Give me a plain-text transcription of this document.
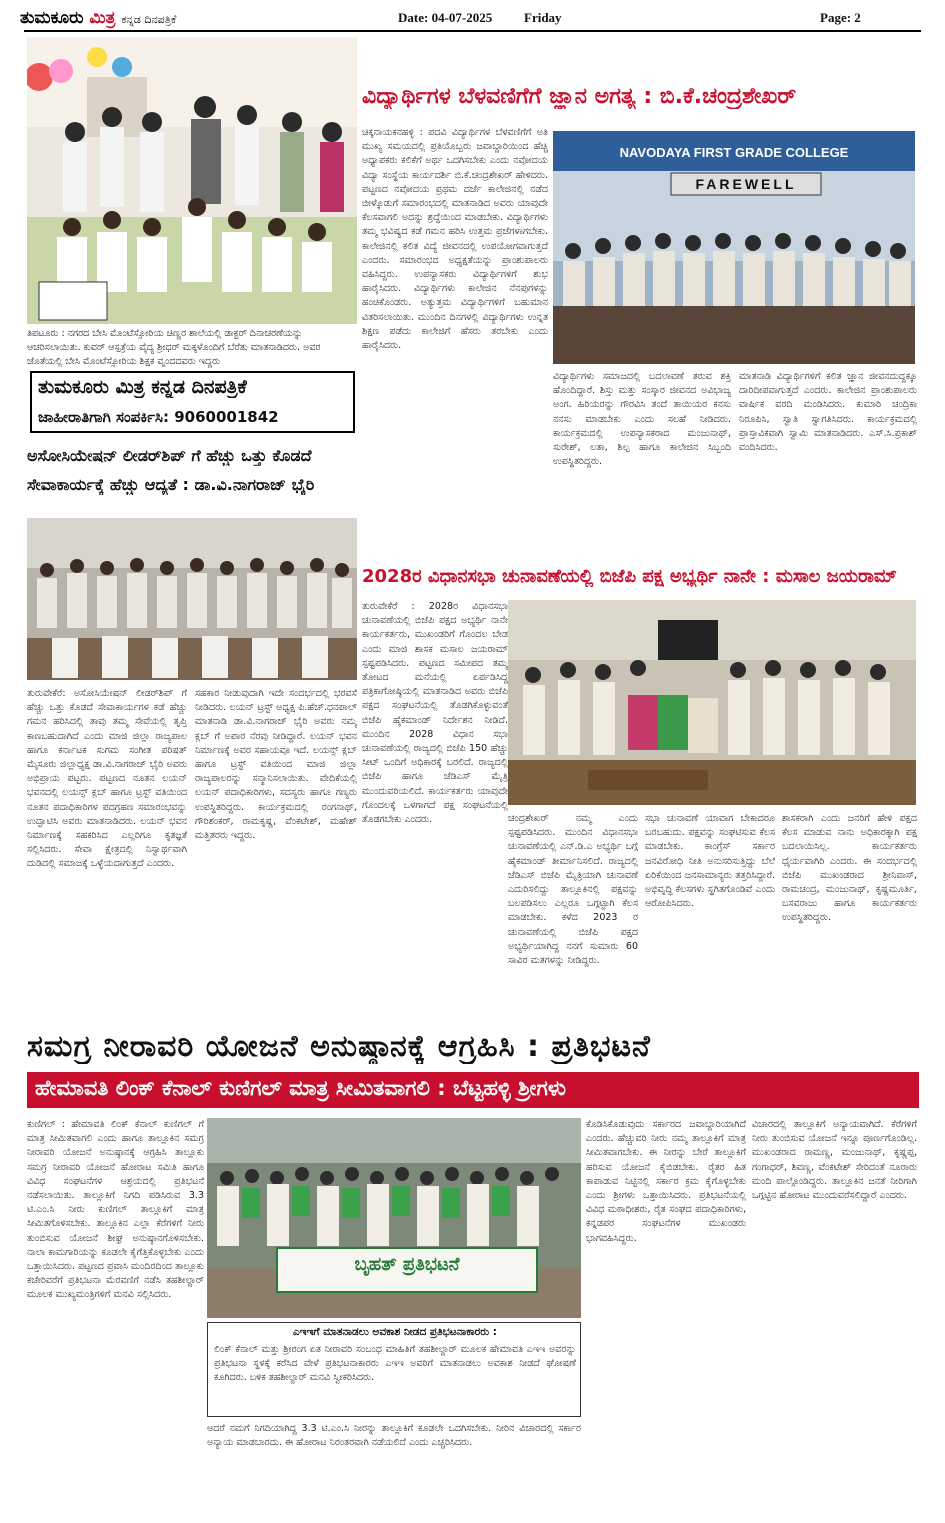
ತುಮಕೂರು ಮಿತ್ರ ಕನ್ನಡ ದಿನಪತ್ರಿಕೆ	Date: 04-07-2025 Friday	Page: 2
ತಿಪಟೂರು : ನಗರದ ಬೇಸಿ ಮೊಂಟೆಸ್ಸೋರಿಯ ಚಿಣ್ಣರ ಶಾಲೆಯಲ್ಲಿ ಡಾಕ್ಟರ್ ದಿನಾಚರಣೆಯನ್ನು ಆಚರಿಸಲಾಯಿತು. ಕುವರ್ ಆಸ್ಪತ್ರೆಯ ವೈದ್ಯ ಶ್ರೀಧರ್ ಮಕ್ಕಳೊಂದಿಗೆ ಬೆರೆತು ಮಾತನಾಡಿದರು. ಅವರ ಜೊತೆಯಲ್ಲಿ ಬೇಸಿ ಮೊಂಟೆಸ್ಸೋರಿಯ ಶಿಕ್ಷಕ ವೃಂದದವರು ಇದ್ದರು
ತುಮಕೂರು ಮಿತ್ರ ಕನ್ನಡ ದಿನಪತ್ರಿಕೆ
ಜಾಹೀರಾತಿಗಾಗಿ ಸಂಪರ್ಕಿಸಿ: 9060001842
ಅಸೋಸಿಯೇಷನ್ ಲೀಡರ್‌ಶಿಪ್ ಗೆ ಹೆಚ್ಚು ಒತ್ತು ಕೊಡದೆ
ಸೇವಾಕಾರ್ಯಕ್ಕೆ ಹೆಚ್ಚು ಆದ್ಯತೆ : ಡಾ.ವಿ.ನಾಗರಾಜ್ ಭೈರಿ
ತುರುವೇಕೆರೆ: ಅಸೋಸಿಯೇಷನ್ ಲೀಡರ್‌ಶಿಪ್ ಗೆ ಹೆಚ್ಚು ಒತ್ತು ಕೊಡದೆ ಸೇವಾಕಾರ್ಯಗಳ ಕಡೆ ಹೆಚ್ಚು ಗಮನ ಹರಿಸಿದಲ್ಲಿ ತಾವು ತಮ್ಮ ಸೇವೆಯಲ್ಲಿ ತೃಪ್ತಿ ಕಾಣಬಹುದಾಗಿದೆ ಎಂದು ಮಾಜಿ ಜಿಲ್ಲಾ ರಾಜ್ಯಪಾಲ ಹಾಗೂ ಕರ್ನಾಟಕ ಸುಗಮ ಸಂಗೀತ ಪರಿಷತ್ ಮೈಸೂರು ಜಿಲ್ಲಾಧ್ಯಕ್ಷ ಡಾ.ವಿ.ನಾಗರಾಜ್ ಭೈರಿ ಅವರು ಅಭಿಪ್ರಾಯ ಪಟ್ಟರು. ಪಟ್ಟಣದ ನೂತನ ಲಯನ್ ಭವನದಲ್ಲಿ ಲಯನ್ಸ್ ಕ್ಲಬ್ ಹಾಗೂ ಟ್ರಸ್ಟ್ ವತಿಯಿಂದ ನೂತನ ಪದಾಧಿಕಾರಿಗಳ ಪದಗ್ರಹಣ ಸಮಾರಂಭವನ್ನು ಉದ್ಘಾಟಿಸಿ ಅವರು ಮಾತನಾಡಿದರು. ಲಯನ್ ಭವನ ನಿರ್ಮಾಣಕ್ಕೆ ಸಹಕರಿಸಿದ ಎಲ್ಲರಿಗೂ ಕೃತಜ್ಞತೆ ಸಲ್ಲಿಸಿದರು. ಸೇವಾ ಕ್ಷೇತ್ರದಲ್ಲಿ ನಿಸ್ವಾರ್ಥವಾಗಿ ದುಡಿದಲ್ಲಿ ಸಮಾಜಕ್ಕೆ ಒಳ್ಳೆಯದಾಗುತ್ತದೆ ಎಂದರು.
ಸಹಕಾರ ನೀಡುವುದಾಗಿ ಇದೇ ಸಂದರ್ಭದಲ್ಲಿ ಭರವಸೆ ನೀಡಿದರು. ಲಯನ್ ಟ್ರಸ್ಟ್ ಅಧ್ಯಕ್ಷ ಪಿ.ಹೆಚ್.ಧನಪಾಲ್ ಮಾತನಾಡಿ ಡಾ.ವಿ.ನಾಗರಾಜ್ ಭೈರಿ ಅವರು ನಮ್ಮ ಕ್ಲಬ್ ಗೆ ಅಪಾರ ನೆರವು ನೀಡಿದ್ದಾರೆ. ಲಯನ್ ಭವನ ನಿರ್ಮಾಣಕ್ಕೆ ಅವರ ಸಹಾಯವೂ ಇದೆ. ಲಯನ್ಸ್ ಕ್ಲಬ್ ಹಾಗೂ ಟ್ರಸ್ಟ್ ವತಿಯಿಂದ ಮಾಜಿ ಜಿಲ್ಲಾ ರಾಜ್ಯಪಾಲರನ್ನು ಸನ್ಮಾನಿಸಲಾಯಿತು. ವೇದಿಕೆಯಲ್ಲಿ ಲಯನ್ ಪದಾಧಿಕಾರಿಗಳು, ಸದಸ್ಯರು ಹಾಗೂ ಗಣ್ಯರು ಉಪಸ್ಥಿತರಿದ್ದರು. ಕಾರ್ಯಕ್ರಮದಲ್ಲಿ ರಂಗನಾಥ್, ಗೌರಿಶಂಕರ್, ರಾಮಕೃಷ್ಣ, ವೆಂಕಟೇಶ್, ಮಹೇಶ್ ಮತ್ತಿತರರು ಇದ್ದರು.
ವಿದ್ಯಾರ್ಥಿಗಳ ಬೆಳವಣಿಗೆಗೆ ಜ್ಞಾನ ಅಗತ್ಯ : ಬಿ.ಕೆ.ಚಂದ್ರಶೇಖರ್
ಚಿಕ್ಕನಾಯಕನಹಳ್ಳಿ : ಪದವಿ ವಿದ್ಯಾರ್ಥಿಗಳ ಬೆಳವಣಿಗೆಗೆ ಅತಿ ಮುಖ್ಯ ಸಮಯದಲ್ಲಿ ಪ್ರತಿಯೊಬ್ಬರು ಜವಾಬ್ದಾರಿಯಿಂದ ಹೆಚ್ಚಿ ಅಧ್ಯಾಪಕರು ಕಲಿಕೆಗೆ ಅರ್ಥ ಒದಗಿಸಬೇಕು ಎಂದು ನವೋದಯ ವಿದ್ಯಾ ಸಂಸ್ಥೆಯ ಕಾರ್ಯದರ್ಶಿ ಬಿ.ಕೆ.ಚಂದ್ರಶೇಖರ್ ಹೇಳಿದರು. ಪಟ್ಟಣದ ನವೋದಯ ಪ್ರಥಮ ದರ್ಜೆ ಕಾಲೇಜಿನಲ್ಲಿ ನಡೆದ ಬೀಳ್ಕೊಡುಗೆ ಸಮಾರಂಭದಲ್ಲಿ ಮಾತನಾಡಿದ ಅವರು ಯಾವುದೇ ಕೆಲಸವಾಗಲಿ ಅದನ್ನು ಶ್ರದ್ಧೆಯಿಂದ ಮಾಡಬೇಕು. ವಿದ್ಯಾರ್ಥಿಗಳು ತಮ್ಮ ಭವಿಷ್ಯದ ಕಡೆ ಗಮನ ಹರಿಸಿ ಉತ್ತಮ ಪ್ರಜೆಗಳಾಗಬೇಕು. ಕಾಲೇಜಿನಲ್ಲಿ ಕಲಿತ ವಿದ್ಯೆ ಜೀವನದಲ್ಲಿ ಉಪಯೋಗವಾಗುತ್ತದೆ ಎಂದರು. ಸಮಾರಂಭದ ಅಧ್ಯಕ್ಷತೆಯನ್ನು ಪ್ರಾಂಶುಪಾಲರು ವಹಿಸಿದ್ದರು. ಉಪನ್ಯಾಸಕರು ವಿದ್ಯಾರ್ಥಿಗಳಿಗೆ ಶುಭ ಹಾರೈಸಿದರು. ವಿದ್ಯಾರ್ಥಿಗಳು ಕಾಲೇಜಿನ ನೆನಪುಗಳನ್ನು ಹಂಚಿಕೊಂಡರು. ಅತ್ಯುತ್ತಮ ವಿದ್ಯಾರ್ಥಿಗಳಿಗೆ ಬಹುಮಾನ ವಿತರಿಸಲಾಯಿತು. ಮುಂದಿನ ದಿನಗಳಲ್ಲಿ ವಿದ್ಯಾರ್ಥಿಗಳು ಉನ್ನತ ಶಿಕ್ಷಣ ಪಡೆದು ಕಾಲೇಜಿಗೆ ಹೆಸರು ತರಬೇಕು ಎಂದು ಹಾರೈಸಿದರು.
NAVODAYA FIRST GRADE COLLEGE
FAREWELL
ವಿದ್ಯಾರ್ಥಿಗಳು ಸಮಾಜದಲ್ಲಿ ಬದಲಾವಣೆ ತರುವ ಶಕ್ತಿ ಹೊಂದಿದ್ದಾರೆ. ಶಿಸ್ತು ಮತ್ತು ಸಂಸ್ಕಾರ ಜೀವನದ ಅವಿಭಾಜ್ಯ ಅಂಗ. ಹಿರಿಯರನ್ನು ಗೌರವಿಸಿ ತಂದೆ ತಾಯಿಯರ ಕನಸು ನನಸು ಮಾಡಬೇಕು ಎಂದು ಸಲಹೆ ನೀಡಿದರು. ಕಾರ್ಯಕ್ರಮದಲ್ಲಿ ಉಪನ್ಯಾಸಕರಾದ ಮಂಜುನಾಥ್, ಸುರೇಶ್, ಲತಾ, ಶಿಲ್ಪ ಹಾಗೂ ಕಾಲೇಜಿನ ಸಿಬ್ಬಂದಿ ಉಪಸ್ಥಿತರಿದ್ದರು.
ಮಾತನಾಡಿ ವಿದ್ಯಾರ್ಥಿಗಳಿಗೆ ಕಲಿತ ಜ್ಞಾನ ಜೀವನದುದ್ದಕ್ಕೂ ದಾರಿದೀಪವಾಗುತ್ತದೆ ಎಂದರು. ಕಾಲೇಜಿನ ಪ್ರಾಂಶುಪಾಲರು ವಾರ್ಷಿಕ ವರದಿ ಮಂಡಿಸಿದರು. ಕುಮಾರಿ ಚಂದ್ರಿಕಾ ನಿರೂಪಿಸಿ, ಸ್ವಾತಿ ಸ್ವಾಗತಿಸಿದರು. ಕಾರ್ಯಕ್ರಮದಲ್ಲಿ ಪ್ರಾಸ್ತಾವಿಕವಾಗಿ ಸ್ವಾಮಿ ಮಾತನಾಡಿದರು. ಎಸ್.ಸಿ.ಪ್ರಕಾಶ್ ವಂದಿಸಿದರು.
2028ರ ವಿಧಾನಸಭಾ ಚುನಾವಣೆಯಲ್ಲಿ ಬಿಜೆಪಿ ಪಕ್ಷ ಅಭ್ಯರ್ಥಿ ನಾನೇ : ಮಸಾಲ ಜಯರಾಮ್
ತುರುವೇಕೆರೆ : 2028ರ ವಿಧಾನಸಭಾ ಚುನಾವಣೆಯಲ್ಲಿ ಬಿಜೆಪಿ ಪಕ್ಷದ ಅಭ್ಯರ್ಥಿ ನಾನೇ ಕಾರ್ಯಕರ್ತರು, ಮುಖಂಡರಿಗೆ ಗೊಂದಲ ಬೇಡ ಎಂದು ಮಾಜಿ ಶಾಸಕ ಮಸಾಲ ಜಯರಾಮ್ ಸ್ಪಷ್ಟಪಡಿಸಿದರು. ಪಟ್ಟಣದ ಸಮೀಪದ ತಮ್ಮ ತೋಟದ ಮನೆಯಲ್ಲಿ ಏರ್ಪಡಿಸಿದ್ದ ಪತ್ರಿಕಾಗೋಷ್ಠಿಯಲ್ಲಿ ಮಾತನಾಡಿದ ಅವರು ಬಿಜೆಪಿ ಪಕ್ಷದ ಸಂಘಟನೆಯಲ್ಲಿ ತೊಡಗಿಕೊಳ್ಳುವಂತೆ ಬಿಜೆಪಿ ಹೈಕಮಾಂಡ್ ನಿರ್ದೇಶನ ನೀಡಿದೆ. ಮುಂದಿನ 2028 ವಿಧಾನ ಸಭಾ ಚುನಾವಣೆಯಲ್ಲಿ ರಾಜ್ಯದಲ್ಲಿ ಬಿಜೆಪಿ 150 ಹೆಚ್ಚು ಸೀಟ್ ಒಂದಿಗೆ ಅಧಿಕಾರಕ್ಕೆ ಬರಲಿದೆ. ರಾಜ್ಯದಲ್ಲಿ ಬಿಜೆಪಿ ಹಾಗೂ ಜೆಡಿಎಸ್ ಮೈತ್ರಿ ಮುಂದುವರಿಯಲಿದೆ. ಕಾರ್ಯಕರ್ತರು ಯಾವುದೇ ಗೊಂದಲಕ್ಕೆ ಒಳಗಾಗದೆ ಪಕ್ಷ ಸಂಘಟನೆಯಲ್ಲಿ ತೊಡಗಬೇಕು ಎಂದರು.	ಚಂದ್ರಶೇಖರ್ ನಮ್ಮ ಎಂದು ಸ್ಪಷ್ಟಪಡಿಸಿದರು. ಮುಂದಿನ ವಿಧಾನಸಭಾ ಚುನಾವಣೆಯಲ್ಲಿ ಎನ್.ಡಿ.ಎ ಅಭ್ಯರ್ಥಿ ಬಗ್ಗೆ ಹೈಕಮಾಂಡ್ ತೀರ್ಮಾನಿಸಲಿದೆ. ರಾಜ್ಯದಲ್ಲಿ ಜೆಡಿಎಸ್ ಬಿಜೆಪಿ ಮೈತ್ರಿಯಾಗಿ ಚುನಾವಣೆ ಎದುರಿಸಲಿದ್ದು ತಾಲ್ಲೂಕಿನಲ್ಲಿ ಪಕ್ಷವನ್ನು ಬಲಪಡಿಸಲು ಎಲ್ಲರೂ ಒಗ್ಗಟ್ಟಾಗಿ ಕೆಲಸ ಮಾಡಬೇಕು. ಕಳೆದ 2023 ರ ಚುನಾವಣೆಯಲ್ಲಿ ಬಿಜೆಪಿ ಪಕ್ಷದ ಅಭ್ಯರ್ಥಿಯಾಗಿದ್ದ ನನಗೆ ಸುಮಾರು 60 ಸಾವಿರ ಮತಗಳನ್ನು ನೀಡಿದ್ದರು.
ಸಭಾ ಚುನಾವಣೆ ಯಾವಾಗ ಬೇಕಾದರೂ ಬರಬಹುದು. ಪಕ್ಷವನ್ನು ಸಂಘಟಿಸುವ ಕೆಲಸ ಮಾಡಬೇಕು. ಕಾಂಗ್ರೆಸ್ ಸರ್ಕಾರ ಜನವಿರೋಧಿ ನೀತಿ ಅನುಸರಿಸುತ್ತಿದ್ದು ಬೆಲೆ ಏರಿಕೆಯಿಂದ ಜನಸಾಮಾನ್ಯರು ತತ್ತರಿಸಿದ್ದಾರೆ. ಅಭಿವೃದ್ಧಿ ಕೆಲಸಗಳು ಸ್ಥಗಿತಗೊಂಡಿವೆ ಎಂದು ಆರೋಪಿಸಿದರು.
ಶಾಸಕರಾಗಿ ಎಂದು ಜನರಿಗೆ ಹೇಳಿ ಪಕ್ಷದ ಕೆಲಸ ಮಾಡುವ ನಾನು ಅಧಿಕಾರಕ್ಕಾಗಿ ಪಕ್ಷ ಬದಲಾಯಿಸಿಲ್ಲ. ಕಾರ್ಯಕರ್ತರು ಧೈರ್ಯವಾಗಿರಿ ಎಂದರು. ಈ ಸಂದರ್ಭದಲ್ಲಿ ಬಿಜೆಪಿ ಮುಖಂಡರಾದ ಶ್ರೀನಿವಾಸ್, ರಾಮಚಂದ್ರ, ಮಂಜುನಾಥ್, ಕೃಷ್ಣಮೂರ್ತಿ, ಬಸವರಾಜು ಹಾಗೂ ಕಾರ್ಯಕರ್ತರು ಉಪಸ್ಥಿತರಿದ್ದರು.
ಸಮಗ್ರ ನೀರಾವರಿ ಯೋಜನೆ ಅನುಷ್ಠಾನಕ್ಕೆ ಆಗ್ರಹಿಸಿ : ಪ್ರತಿಭಟನೆ
ಹೇಮಾವತಿ ಲಿಂಕ್ ಕೆನಾಲ್ ಕುಣಿಗಲ್ ಮಾತ್ರ ಸೀಮಿತವಾಗಲಿ : ಬೆಟ್ಟಹಳ್ಳಿ ಶ್ರೀಗಳು
ಕುಣಿಗಲ್ : ಹೇಮಾವತಿ ಲಿಂಕ್ ಕೆನಾಲ್ ಕುಣಿಗಲ್ ಗೆ ಮಾತ್ರ ಸೀಮಿತವಾಗಲಿ ಎಂದು ಹಾಗೂ ತಾಲ್ಲೂಕಿನ ಸಮಗ್ರ ನೀರಾವರಿ ಯೋಜನೆ ಅನುಷ್ಠಾನಕ್ಕೆ ಆಗ್ರಹಿಸಿ ತಾಲ್ಲೂಕು ಸಮಗ್ರ ನೀರಾವರಿ ಯೋಜನೆ ಹೋರಾಟ ಸಮಿತಿ ಹಾಗೂ ವಿವಿಧ ಸಂಘಟನೆಗಳ ಆಶ್ರಯದಲ್ಲಿ ಪ್ರತಿಭಟನೆ ನಡೆಸಲಾಯಿತು. ತಾಲ್ಲೂಕಿಗೆ ನಿಗದಿ ಪಡಿಸಿರುವ 3.3 ಟಿ.ಎಂ.ಸಿ ನೀರು ಕುಣಿಗಲ್ ತಾಲ್ಲೂಕಿಗೆ ಮಾತ್ರ ಸೀಮಿತಗೊಳಿಸಬೇಕು. ತಾಲ್ಲೂಕಿನ ಎಲ್ಲಾ ಕೆರೆಗಳಿಗೆ ನೀರು ತುಂಬಿಸುವ ಯೋಜನೆ ಶೀಘ್ರ ಅನುಷ್ಠಾನಗೊಳಿಸಬೇಕು. ನಾಲಾ ಕಾಮಗಾರಿಯನ್ನು ಕೂಡಲೇ ಕೈಗೆತ್ತಿಕೊಳ್ಳಬೇಕು ಎಂದು ಒತ್ತಾಯಿಸಿದರು. ಪಟ್ಟಣದ ಪ್ರವಾಸಿ ಮಂದಿರದಿಂದ ತಾಲ್ಲೂಕು ಕಚೇರಿವರೆಗೆ ಪ್ರತಿಭಟನಾ ಮೆರವಣಿಗೆ ನಡೆಸಿ ತಹಶೀಲ್ದಾರ್ ಮೂಲಕ ಮುಖ್ಯಮಂತ್ರಿಗಳಿಗೆ ಮನವಿ ಸಲ್ಲಿಸಿದರು.
ಬೃಹತ್ ಪ್ರತಿಭಟನೆ
ಎಇಇಗೆ ಮಾತನಾಡಲು ಅವಕಾಶ ನೀಡದ ಪ್ರತಿಭಟನಾಕಾರರು :
ಲಿಂಕ್ ಕೆನಾಲ್ ಮತ್ತು ಶ್ರೀರಂಗ ಏತ ನೀರಾವರಿ ಸಂಬಂಧ ಮಾಹಿತಿಗೆ ತಹಶೀಲ್ದಾರ್ ಮೂಲಕ ಹೇಮಾವತಿ ಎಇಇ ಅವರನ್ನು ಪ್ರತಿಭಟನಾ ಸ್ಥಳಕ್ಕೆ ಕರೆಸಿದ ವೇಳೆ ಪ್ರತಿಭಟನಾಕಾರರು ಎಇಇ ಅವರಿಗೆ ಮಾತನಾಡಲು ಅವಕಾಶ ನೀಡದೆ ಘೋಷಣೆ ಕೂಗಿದರು. ಬಳಿಕ ತಹಶೀಲ್ದಾರ್ ಮನವಿ ಸ್ವೀಕರಿಸಿದರು.
ಆದರೆ ನಮಗೆ ನಿಗದಿಯಾಗಿದ್ದ 3.3 ಟಿ.ಎಂ.ಸಿ ನೀರನ್ನು ತಾಲ್ಲೂಕಿಗೆ ಕೂಡಲೇ ಒದಗಿಸಬೇಕು. ನೀರಿನ ವಿಚಾರದಲ್ಲಿ ಸರ್ಕಾರ ಅನ್ಯಾಯ ಮಾಡಬಾರದು. ಈ ಹೋರಾಟ ನಿರಂತರವಾಗಿ ನಡೆಯಲಿದೆ ಎಂದು ಎಚ್ಚರಿಸಿದರು.
ಕೊಡಿಸಿಕೊಡುವುದು ಸರ್ಕಾರದ ಜವಾಬ್ದಾರಿಯಾಗಿದೆ ಎಂದರು. ಹೆಚ್ಚುವರಿ ನೀರು ನಮ್ಮ ತಾಲ್ಲೂಕಿಗೆ ಮಾತ್ರ ಸೀಮಿತವಾಗಬೇಕು. ಈ ನೀರನ್ನು ಬೇರೆ ತಾಲ್ಲೂಕಿಗೆ ಹರಿಸುವ ಯೋಜನೆ ಕೈಬಿಡಬೇಕು. ರೈತರ ಹಿತ ಕಾಪಾಡುವ ನಿಟ್ಟಿನಲ್ಲಿ ಸರ್ಕಾರ ಕ್ರಮ ಕೈಗೊಳ್ಳಬೇಕು ಎಂದು ಶ್ರೀಗಳು ಒತ್ತಾಯಿಸಿದರು. ಪ್ರತಿಭಟನೆಯಲ್ಲಿ ವಿವಿಧ ಮಠಾಧೀಶರು, ರೈತ ಸಂಘದ ಪದಾಧಿಕಾರಿಗಳು, ಕನ್ನಡಪರ ಸಂಘಟನೆಗಳ ಮುಖಂಡರು ಭಾಗವಹಿಸಿದ್ದರು.
ವಿಚಾರದಲ್ಲಿ ತಾಲ್ಲೂಕಿಗೆ ಅನ್ಯಾಯವಾಗಿದೆ. ಕೆರೆಗಳಿಗೆ ನೀರು ತುಂಬಿಸುವ ಯೋಜನೆ ಇನ್ನೂ ಪೂರ್ಣಗೊಂಡಿಲ್ಲ. ಮುಖಂಡರಾದ ರಾಮಣ್ಣ, ಮಂಜುನಾಥ್, ಕೃಷ್ಣಪ್ಪ, ಗಂಗಾಧರ್, ಶಿವಣ್ಣ, ವೆಂಕಟೇಶ್ ಸೇರಿದಂತೆ ನೂರಾರು ಮಂದಿ ಪಾಲ್ಗೊಂಡಿದ್ದರು. ತಾಲ್ಲೂಕಿನ ಜನತೆ ನೀರಿಗಾಗಿ ಒಗ್ಗಟ್ಟಿನ ಹೋರಾಟ ಮುಂದುವರೆಸಲಿದ್ದಾರೆ ಎಂದರು.
